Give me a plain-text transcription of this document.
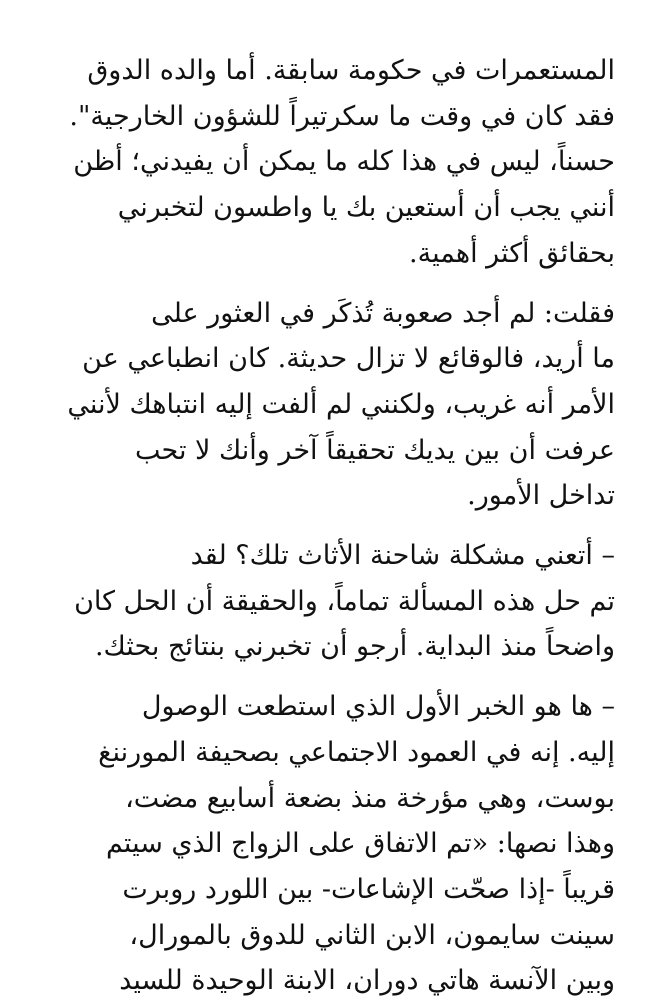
المستعمرات في حكومة سابقة. أما والده الدوق
فقد كان في وقت ما سكرتيراً للشؤون الخارجية".
حسناً، ليس في هذا كله ما يمكن أن يفيدني؛ أظن
أنني يجب أن أستعين بك يا واطسون لتخبرني
بحقائق أكثر أهمية.

فقلت: لم أجد صعوبة تُذكَر في العثور على
ما أريد، فالوقائع لا تزال حديثة. كان انطباعي عن
الأمر أنه غريب، ولكنني لم ألفت إليه انتباهك لأنني
عرفت أن بين يديك تحقيقاً آخر وأنك لا تحب
تداخل الأمور.

– أتعني مشكلة شاحنة الأثاث تلك؟ لقد
تم حل هذه المسألة تماماً، والحقيقة أن الحل كان
واضحاً منذ البداية. أرجو أن تخبرني بنتائج بحثك.

– ها هو الخبر الأول الذي استطعت الوصول
إليه. إنه في العمود الاجتماعي بصحيفة المورننغ
بوست، وهي مؤرخة منذ بضعة أسابيع مضت،
وهذا نصها: «تم الاتفاق على الزواج الذي سيتم
قريباً -إذا صحّت الإشاعات- بين اللورد روبرت
سينت سايمون، الابن الثاني للدوق بالمورال،
وبين الآنسة هاتي دوران، الابنة الوحيدة للسيد
